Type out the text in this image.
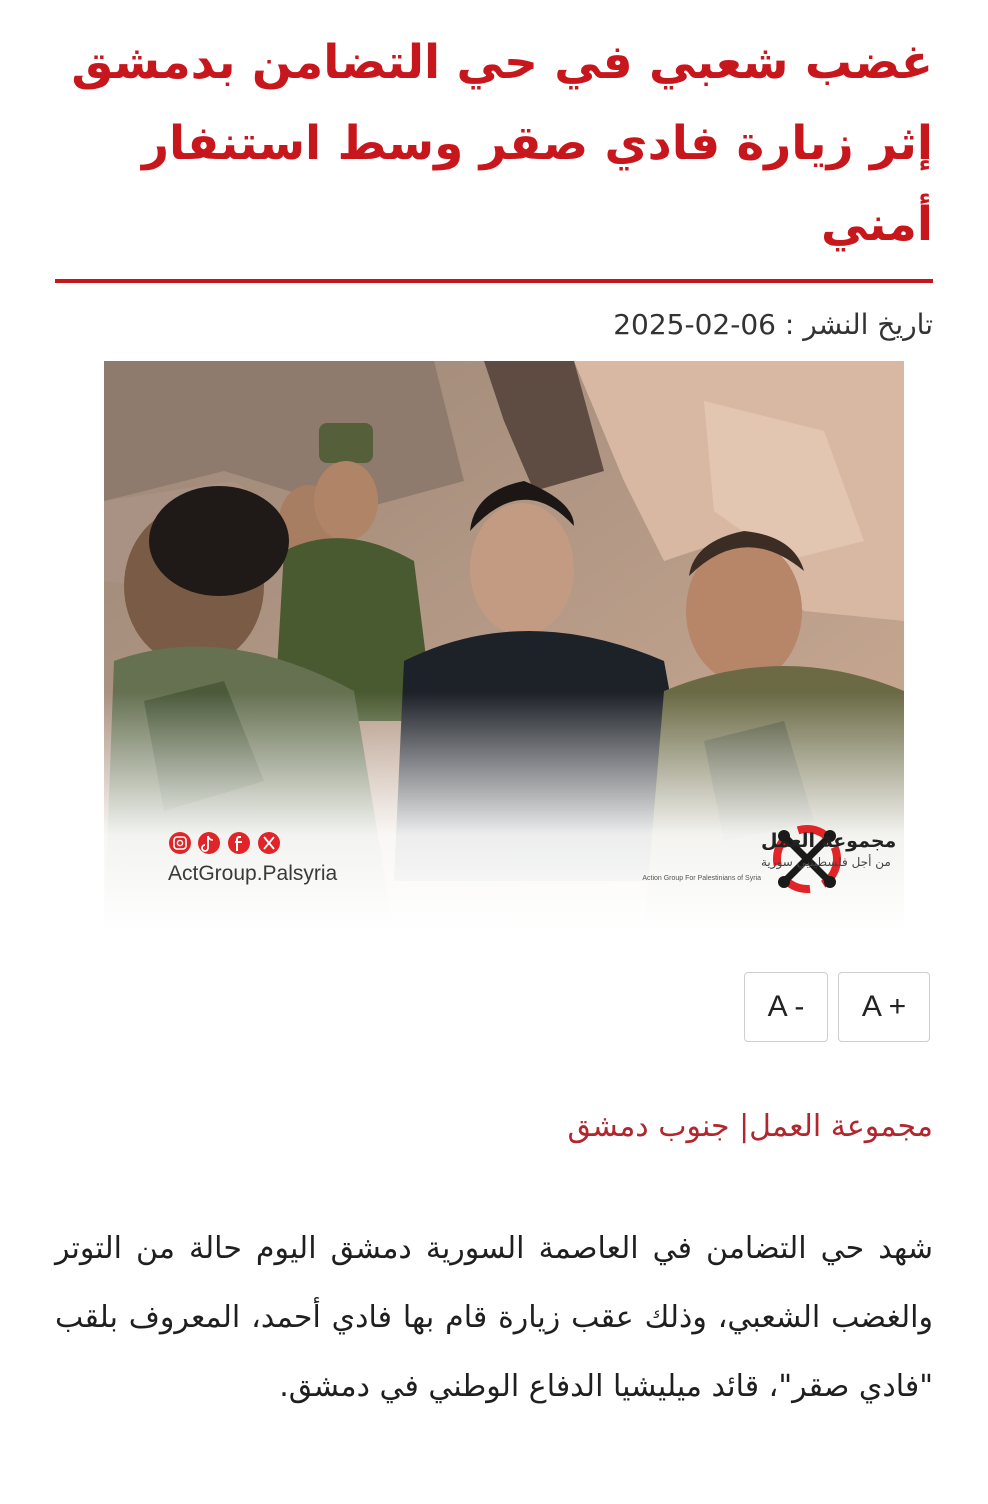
غضب شعبي في حي التضامن بدمشق إثر زيارة فادي صقر وسط استنفار أمني
تاريخ النشر : 2025-02-06
ActGroup.Palsyria
مجموعة العمل
من أجل فلسطينيي سورية
Action Group For Palestinians of Syria
A -	A +
مجموعة العمل| جنوب دمشق
شهد حي التضامن في العاصمة السورية دمشق اليوم حالة من التوتر والغضب الشعبي، وذلك عقب زيارة قام بها فادي أحمد، المعروف بلقب "فادي صقر"، قائد ميليشيا الدفاع الوطني في دمشق.
